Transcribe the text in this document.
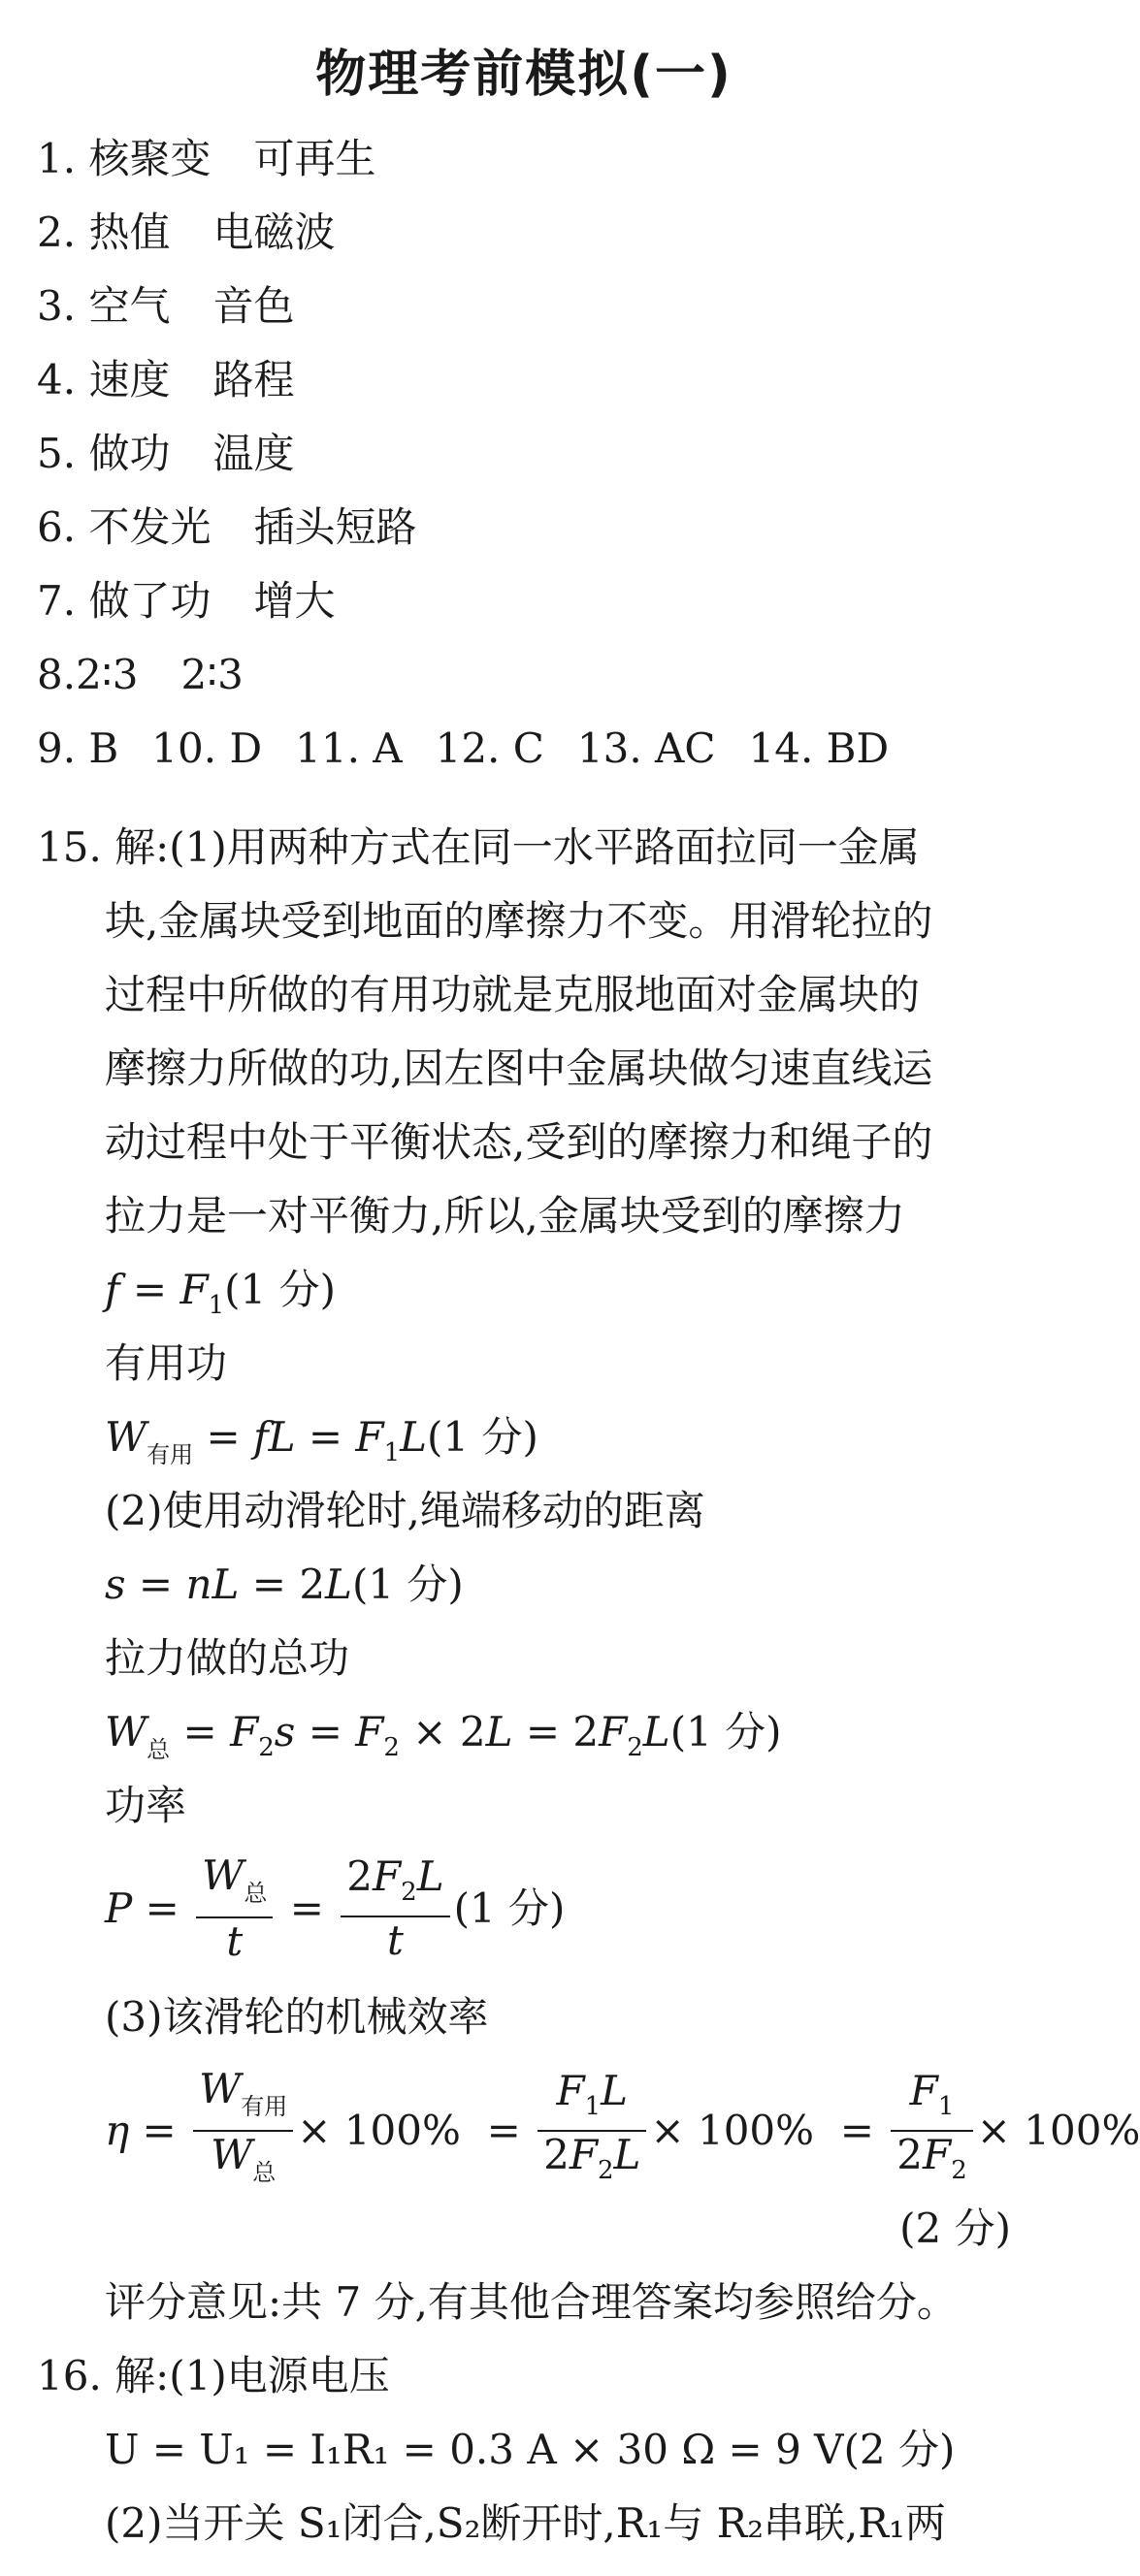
物理考前模拟(一)
1. 核聚变 可再生
2. 热值 电磁波
3. 空气 音色
4. 速度 路程
5. 做功 温度
6. 不发光 插头短路
7. 做了功 增大
8.2∶3 2∶3
9. B 10. D 11. A 12. C 13. AC 14. BD
15. 解:(1)用两种方式在同一水平路面拉同一金属
块,金属块受到地面的摩擦力不变。用滑轮拉的
过程中所做的有用功就是克服地面对金属块的
摩擦力所做的功,因左图中金属块做匀速直线运
动过程中处于平衡状态,受到的摩擦力和绳子的
拉力是一对平衡力,所以,金属块受到的摩擦力
$f = F_1(1$ 分)
有用功
$W_{有用}$ = fL = $F_1L(1$ 分)
(2)使用动滑轮时,绳端移动的距离
s = nL = 2L(1 分)
拉力做的总功
$W_总 = F_2s = F_2 \times 2L = 2F_2L(1$ 分)
功率
$P = \frac{W_总}{t} = \frac{2F_2L}{t} (1$ 分)
(3)该滑轮的机械效率
$\eta = \frac{W_{有用}}{W_总} \times 100\% = \frac{F_1L}{2F_2L} \times 100\% = \frac{F_1}{2F_2} \times 100\%$
(2 分)
评分意见:共 7 分,有其他合理答案均参照给分。
16. 解:(1)电源电压
U = U₁ = I₁R₁ = 0.3 A × 30 Ω = 9 V(2 分)
(2)当开关 S₁闭合,S₂断开时,R₁与 R₂串联,R₁两
